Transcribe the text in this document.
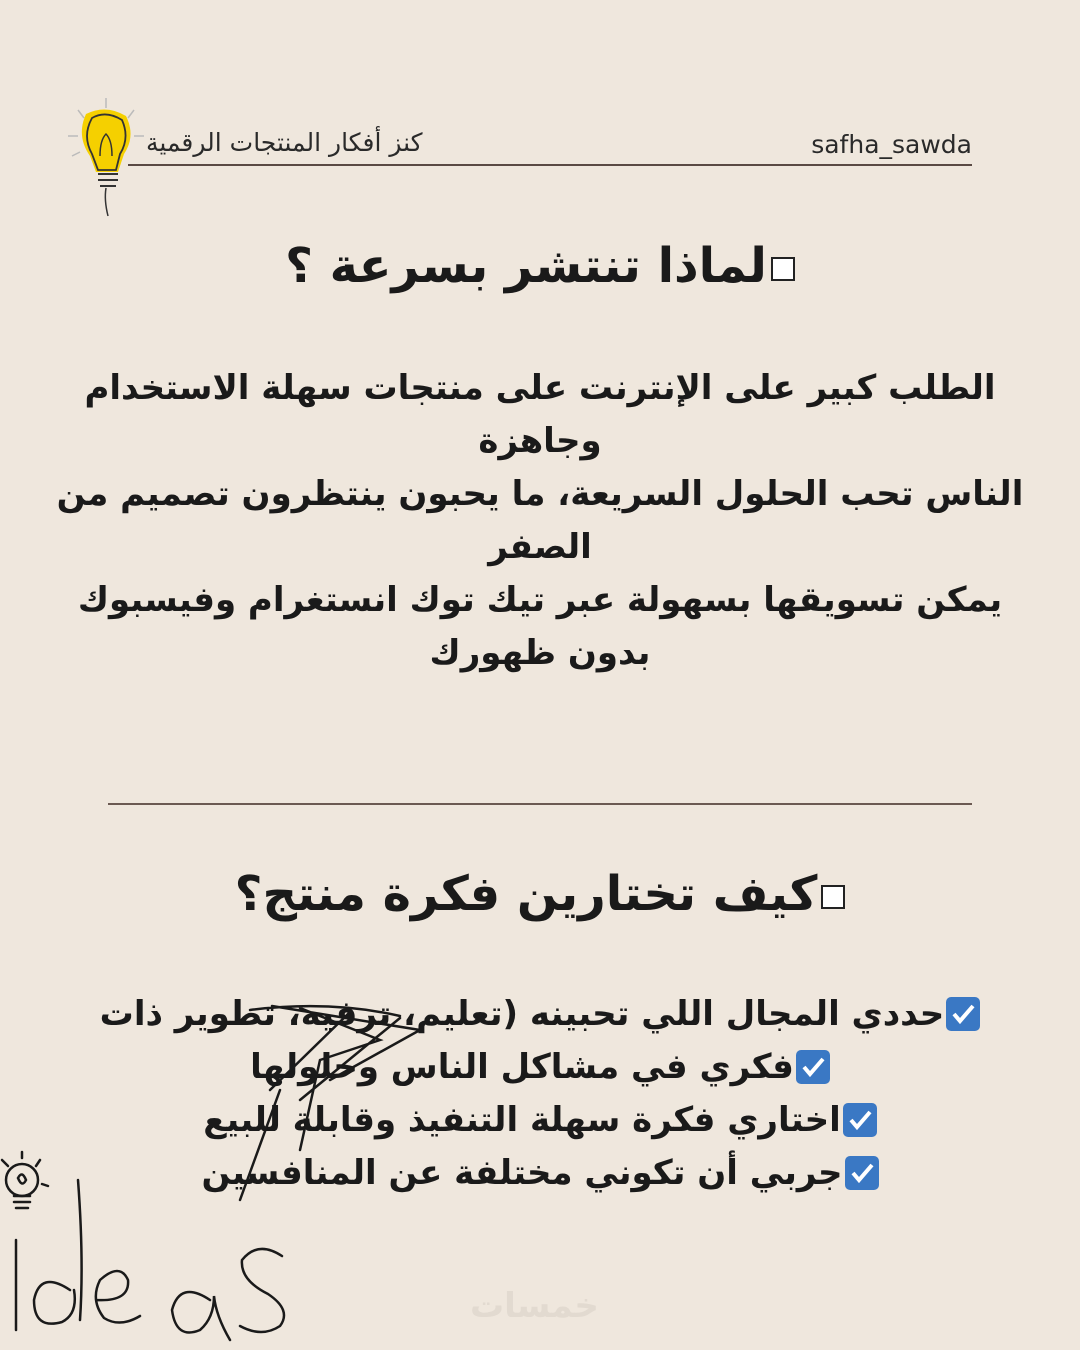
كنز أفكار المنتجات الرقمية	safha_sawda
لماذا تنتشر بسرعة ؟

الطلب كبير على الإنترنت على منتجات سهلة الاستخدام وجاهزة

الناس تحب الحلول السريعة، ما يحبون ينتظرون تصميم من الصفر

يمكن تسويقها بسهولة عبر تيك توك انستغرام وفيسبوك بدون ظهورك

كيف تختارين فكرة منتج؟

حددي المجال اللي تحبينه (تعليم، ترفيه، تطوير ذات

فكري في مشاكل الناس وحلولها

اختاري فكرة سهلة التنفيذ وقابلة للبيع

جربي أن تكوني مختلفة عن المنافسين

خمسات
